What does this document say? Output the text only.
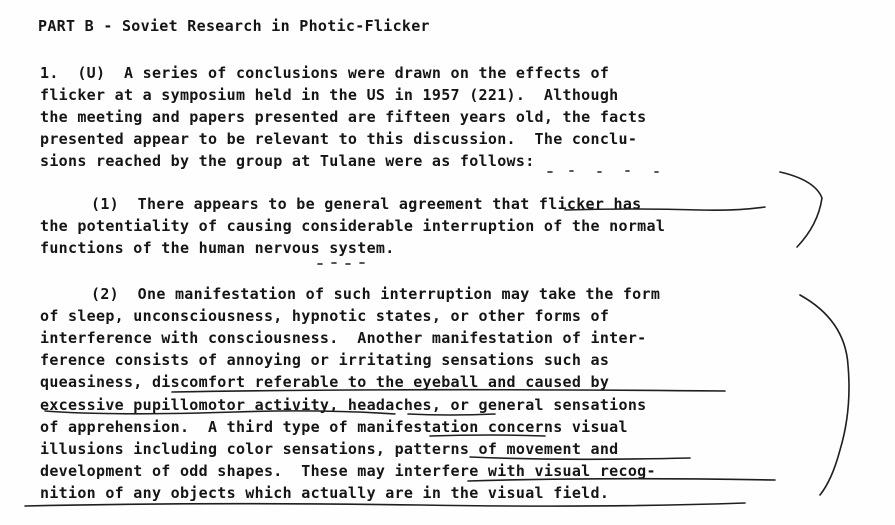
PART B - Soviet Research in Photic-Flicker
1.  (U)  A series of conclusions were drawn on the effects of
flicker at a symposium held in the US in 1957 (221).  Although
the meeting and papers presented are fifteen years old, the facts
presented appear to be relevant to this discussion.  The conclu-
sions reached by the group at Tulane were as follows:
(1)  There appears to be general agreement that flicker has
the potentiality of causing considerable interruption of the normal
functions of the human nervous system.
(2)  One manifestation of such interruption may take the form
of sleep, unconsciousness, hypnotic states, or other forms of
interference with consciousness.  Another manifestation of inter-
ference consists of annoying or irritating sensations such as
queasiness, discomfort referable to the eyeball and caused by
excessive pupillomotor activity, headaches, or general sensations
of apprehension.  A third type of manifestation concerns visual
illusions including color sensations, patterns of movement and
development of odd shapes.  These may interfere with visual recog-
nition of any objects which actually are in the visual field.
